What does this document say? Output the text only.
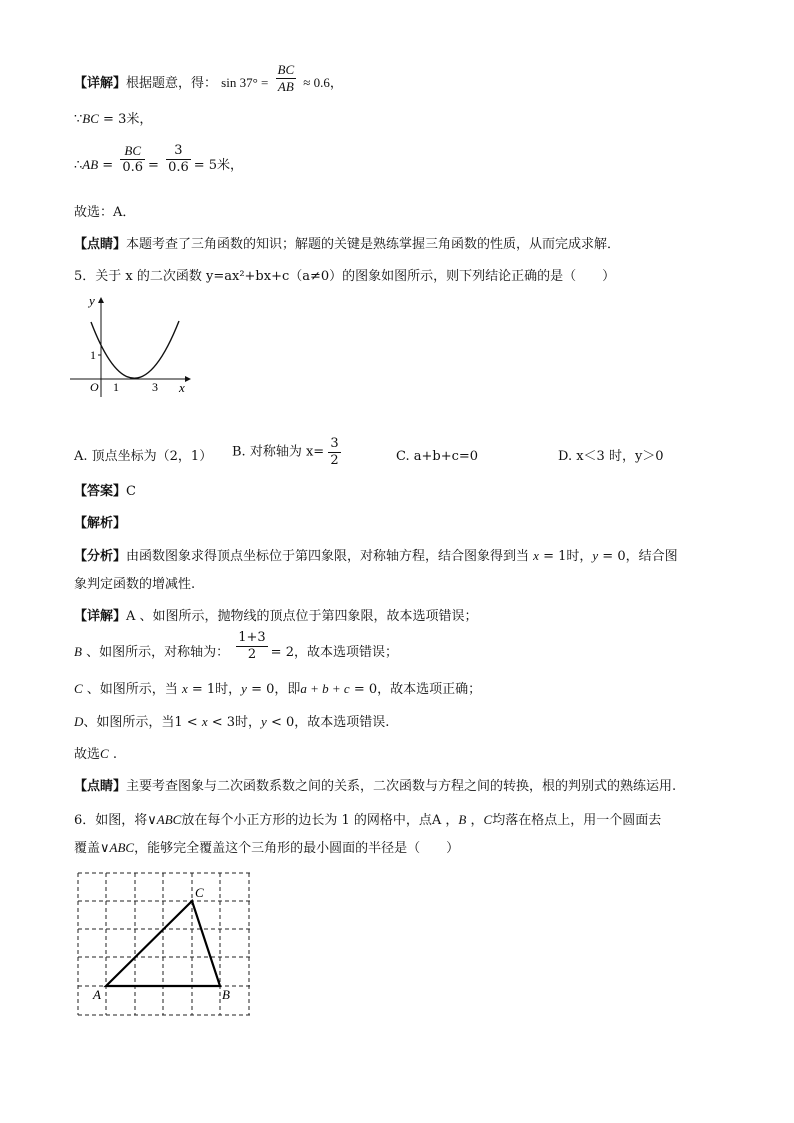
【详解】根据题意，得： $\sin 37^\circ = \frac{BC}{AB} \approx 0.6$，
∵BC = 3米，
∴AB = $\frac{BC}{0.6} = \frac{3}{0.6} = 5$米，
故选：A．
【点睛】本题考查了三角函数的知识；解题的关键是熟练掌握三角函数的性质，从而完成求解．
5．关于 x 的二次函数 y=ax²+bx+c（a≠0）的图象如图所示，则下列结论正确的是（　　）
y
x
O
1
1	3
A. 顶点坐标为（2，1） B. 对称轴为 $x= \frac{3}{2}$	C. a+b+c=0	D. x＜3 时，y＞0
【答案】C
【解析】
【分析】由函数图象求得顶点坐标位于第四象限，对称轴方程，结合图象得到当 x = 1时，y = 0，结合图
象判定函数的增减性.
【详解】A 、如图所示，抛物线的顶点位于第四象限，故本选项错误；
B 、如图所示，对称轴为： $\frac{1+3}{2} = 2$，故本选项错误；
C 、如图所示，当 x = 1时，y = 0，即a + b + c = 0，故本选项正确；
D、如图所示，当1 < x < 3时，y < 0，故本选项错误.
故选C .
【点睛】主要考查图象与二次函数系数之间的关系，二次函数与方程之间的转换，根的判别式的熟练运用.
6．如图，将∨ABC放在每个小正方形的边长为 1 的网格中，点A ，B ，C均落在格点上，用一个圆面去
覆盖∨ABC，能够完全覆盖这个三角形的最小圆面的半径是（　　）
A	B
C
